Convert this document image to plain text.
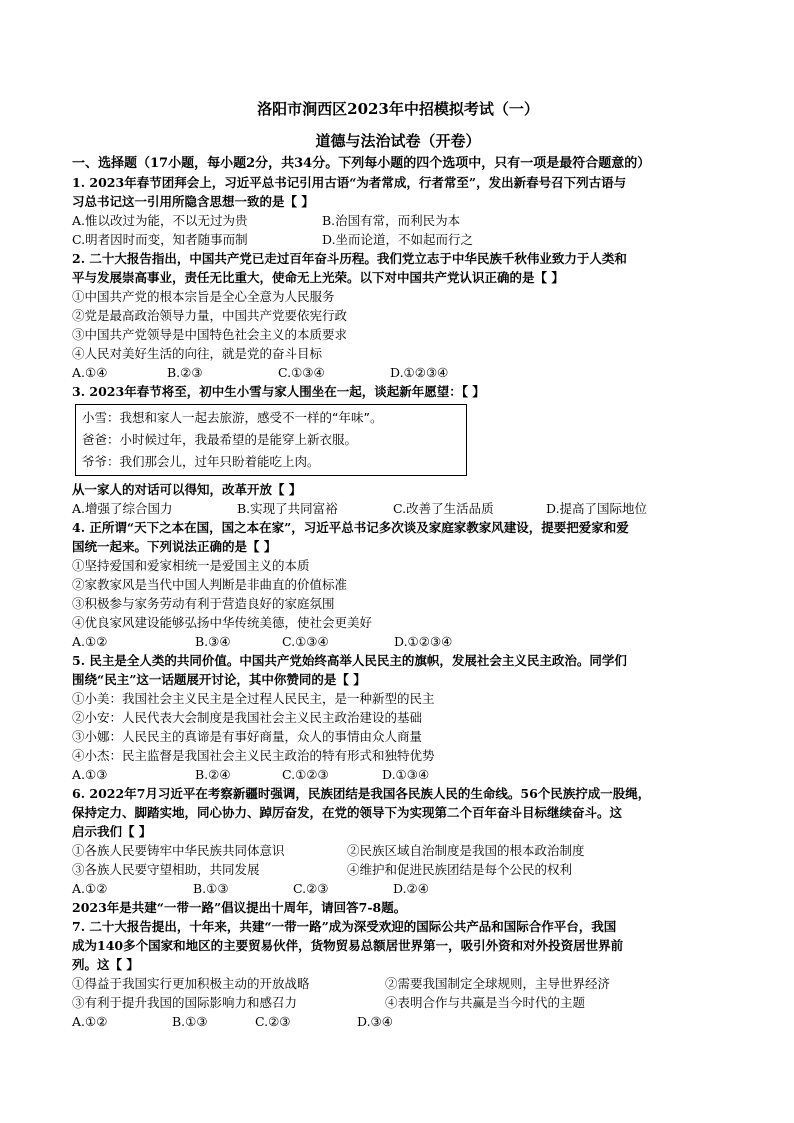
洛阳市涧西区2023年中招模拟考试（一）
道德与法治试卷（开卷）
一、选择题（17小题，每小题2分，共34分。下列每小题的四个选项中，只有一项是最符合题意的）
1. 2023年春节团拜会上，习近平总书记引用古语“为者常成，行者常至”，发出新春号召下列古语与
习总书记这一引用所隐含思想一致的是【 】
A.惟以改过为能，不以无过为贵	B.治国有常，而利民为本
C.明者因时而变，知者随事而制	D.坐而论道，不如起而行之
2. 二十大报告指出，中国共产党已走过百年奋斗历程。我们党立志于中华民族千秋伟业致力于人类和
平与发展崇高事业，责任无比重大，使命无上光荣。以下对中国共产党认识正确的是【 】
①中国共产党的根本宗旨是全心全意为人民服务
②党是最高政治领导力量，中国共产党要依宪行政
③中国共产党领导是中国特色社会主义的本质要求
④人民对美好生活的向往，就是党的奋斗目标
A.①④	B.②③	C.①③④	D.①②③④
3. 2023年春节将至，初中生小雪与家人围坐在一起，谈起新年愿望：【 】
小雪：我想和家人一起去旅游，感受不一样的“年味”。
爸爸：小时候过年，我最希望的是能穿上新衣服。
爷爷：我们那会儿，过年只盼着能吃上肉。
从一家人的对话可以得知，改革开放【 】
A.增强了综合国力	B.实现了共同富裕	C.改善了生活品质	D.提高了国际地位
4. 正所谓“天下之本在国，国之本在家”，习近平总书记多次谈及家庭家教家风建设，提要把爱家和爱
国统一起来。下列说法正确的是【 】
①坚持爱国和爱家相统一是爱国主义的本质
②家教家风是当代中国人判断是非曲直的价值标准
③积极参与家务劳动有利于营造良好的家庭氛围
④优良家风建设能够弘扬中华传统美德，使社会更美好
A.①②	B.③④	C.①③④	D.①②③④
5. 民主是全人类的共同价值。中国共产党始终高举人民民主的旗帜，发展社会主义民主政治。同学们
围绕“民主”这一话题展开讨论，其中你赞同的是【 】
①小美：我国社会主义民主是全过程人民民主，是一种新型的民主
②小安：人民代表大会制度是我国社会主义民主政治建设的基础
③小娜：人民民主的真谛是有事好商量，众人的事情由众人商量
④小杰：民主监督是我国社会主义民主政治的特有形式和独特优势
A.①③	B.②④	C.①②③	D.①③④
6. 2022年7月习近平在考察新疆时强调，民族团结是我国各民族人民的生命线。56个民族拧成一股绳，
保持定力、脚踏实地，同心协力、踔厉奋发，在党的领导下为实现第二个百年奋斗目标继续奋斗。这
启示我们【 】
①各族人民要铸牢中华民族共同体意识	②民族区域自治制度是我国的根本政治制度
③各族人民要守望相助，共同发展	④维护和促进民族团结是每个公民的权利
A.①②	B.①③	C.②③	D.②④
2023年是共建“一带一路”倡议提出十周年，请回答7-8题。
7. 二十大报告提出，十年来，共建“一带一路”成为深受欢迎的国际公共产品和国际合作平台，我国
成为140多个国家和地区的主要贸易伙伴，货物贸易总额居世界第一，吸引外资和对外投资居世界前
列。这【 】
①得益于我国实行更加积极主动的开放战略	②需要我国制定全球规则，主导世界经济
③有利于提升我国的国际影响力和感召力	④表明合作与共赢是当今时代的主题
A.①②	B.①③	C.②③	D.③④
